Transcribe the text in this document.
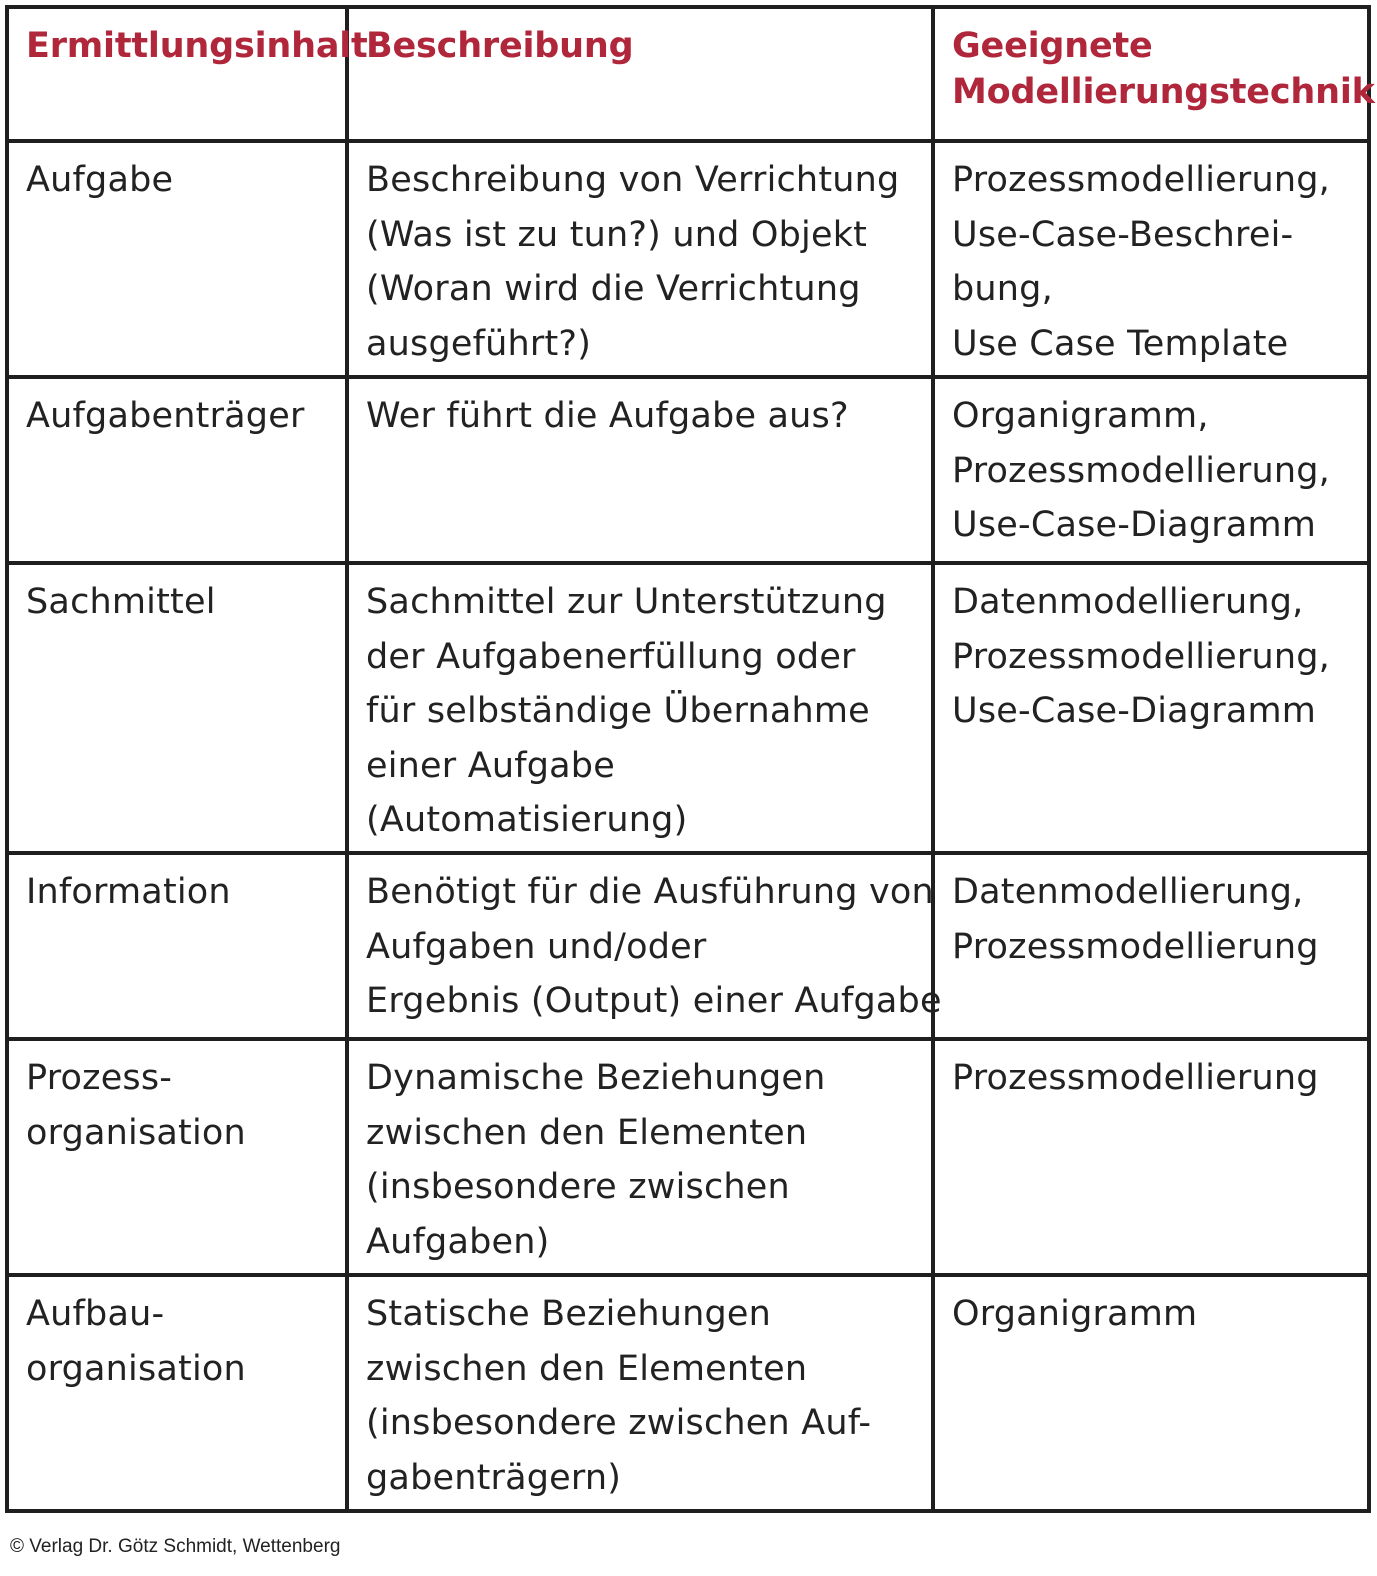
Ermittlungsinhalt	Beschreibung	Geeignete
Modellierungstechnik

Aufgabe	Beschreibung von Verrichtung
(Was ist zu tun?) und Objekt
(Woran wird die Verrichtung
ausgeführt?)	Prozessmodellierung,
Use-Case-Beschrei-
bung,
Use Case Template

Aufgabenträger	Wer führt die Aufgabe aus?	Organigramm,
Prozessmodellierung,
Use-Case-Diagramm

Sachmittel	Sachmittel zur Unterstützung
der Aufgabenerfüllung oder
für selbständige Übernahme
einer Aufgabe
(Automatisierung)	Datenmodellierung,
Prozessmodellierung,
Use-Case-Diagramm

Information	Benötigt für die Ausführung von
Aufgaben und/oder
Ergebnis (Output) einer Aufgabe	Datenmodellierung,
Prozessmodellierung

Prozess-
organisation	Dynamische Beziehungen
zwischen den Elementen
(insbesondere zwischen
Aufgaben)	Prozessmodellierung

Aufbau-
organisation	Statische Beziehungen
zwischen den Elementen
(insbesondere zwischen Auf-
gabenträgern)	Organigramm
© Verlag Dr. Götz Schmidt, Wettenberg
